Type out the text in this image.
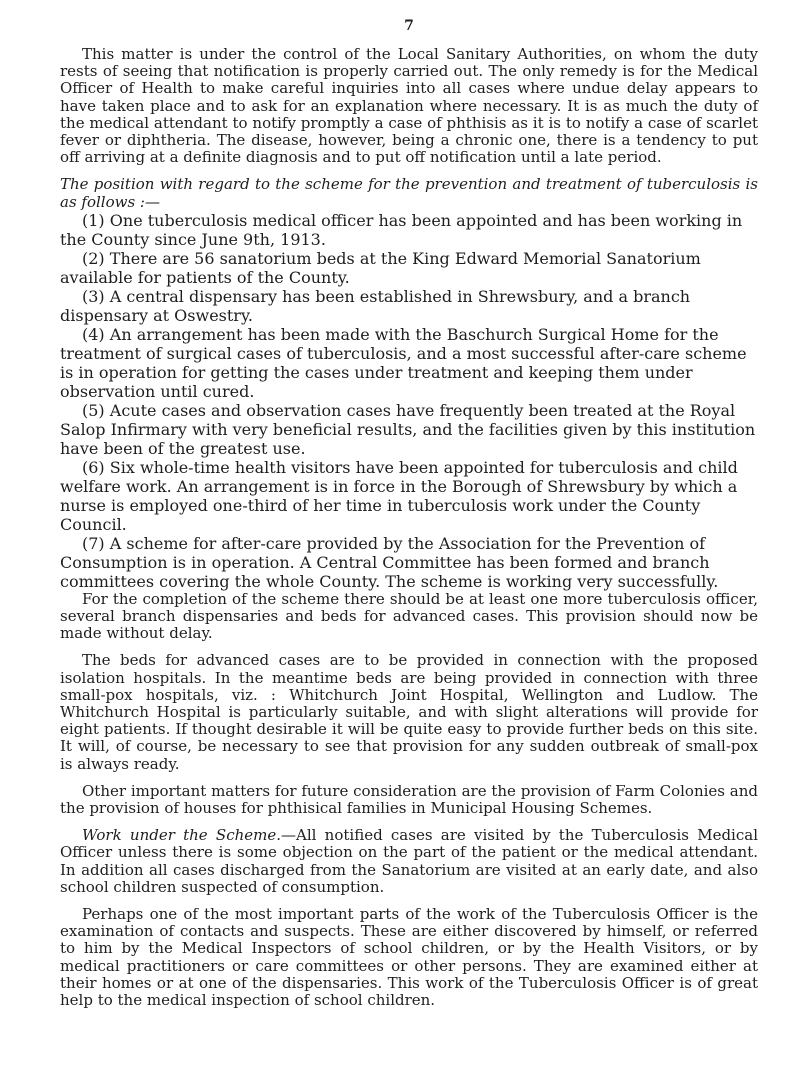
7

This matter is under the control of the Local Sanitary Authorities, on whom the duty rests of seeing that notification is properly carried out. The only remedy is for the Medical Officer of Health to make careful inquiries into all cases where undue delay appears to have taken place and to ask for an explanation where necessary. It is as much the duty of the medical attendant to notify promptly a case of phthisis as it is to notify a case of scarlet fever or diphtheria. The disease, however, being a chronic one, there is a tendency to put off arriving at a definite diagnosis and to put off notification until a late period.

The position with regard to the scheme for the prevention and treatment of tuberculosis is as follows :—

(1) One tuberculosis medical officer has been appointed and has been working in the County since June 9th, 1913.
(2) There are 56 sanatorium beds at the King Edward Memorial Sanatorium available for patients of the County.
(3) A central dispensary has been established in Shrewsbury, and a branch dispensary at Oswestry.
(4) An arrangement has been made with the Baschurch Surgical Home for the treatment of surgical cases of tuberculosis, and a most successful after-care scheme is in operation for getting the cases under treatment and keeping them under observation until cured.
(5) Acute cases and observation cases have frequently been treated at the Royal Salop Infirmary with very beneficial results, and the facilities given by this institution have been of the greatest use.
(6) Six whole-time health visitors have been appointed for tuberculosis and child welfare work. An arrangement is in force in the Borough of Shrewsbury by which a nurse is employed one-third of her time in tuberculosis work under the County Council.
(7) A scheme for after-care provided by the Association for the Prevention of Consumption is in operation. A Central Committee has been formed and branch committees covering the whole County. The scheme is working very successfully.

For the completion of the scheme there should be at least one more tuberculosis officer, several branch dispensaries and beds for advanced cases. This provision should now be made without delay.

The beds for advanced cases are to be provided in connection with the proposed isolation hospitals. In the meantime beds are being provided in connection with three small-pox hospitals, viz. : Whitchurch Joint Hospital, Wellington and Ludlow. The Whitchurch Hospital is particularly suitable, and with slight alterations will provide for eight patients. If thought desirable it will be quite easy to provide further beds on this site. It will, of course, be necessary to see that provision for any sudden outbreak of small-pox is always ready.

Other important matters for future consideration are the provision of Farm Colonies and the provision of houses for phthisical families in Municipal Housing Schemes.

Work under the Scheme.—All notified cases are visited by the Tuberculosis Medical Officer unless there is some objection on the part of the patient or the medical attendant. In addition all cases discharged from the Sanatorium are visited at an early date, and also school children suspected of consumption.

Perhaps one of the most important parts of the work of the Tuberculosis Officer is the examination of contacts and suspects. These are either discovered by himself, or referred to him by the Medical Inspectors of school children, or by the Health Visitors, or by medical practitioners or care committees or other persons. They are examined either at their homes or at one of the dispensaries. This work of the Tuberculosis Officer is of great help to the medical inspection of school children.
